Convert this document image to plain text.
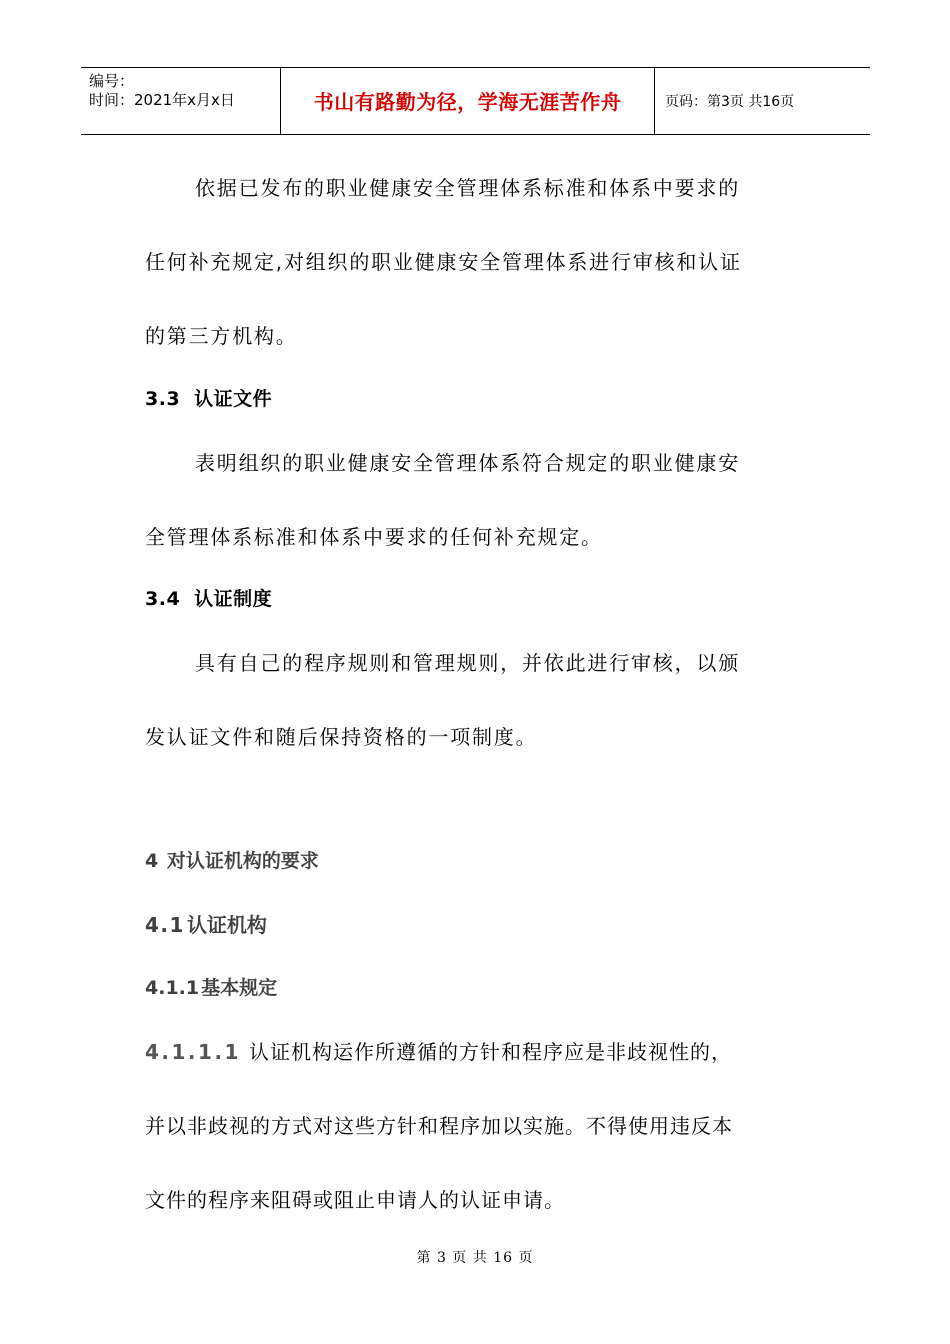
编号：
时间：2021年x月x日	书山有路勤为径，学海无涯苦作舟	页码：第3页 共16页
依据已发布的职业健康安全管理体系标准和体系中要求的
任何补充规定,对组织的职业健康安全管理体系进行审核和认证
的第三方机构。
3.3 认证文件
表明组织的职业健康安全管理体系符合规定的职业健康安
全管理体系标准和体系中要求的任何补充规定。
3.4 认证制度
具有自己的程序规则和管理规则，并依此进行审核，以颁
发认证文件和随后保持资格的一项制度。
4 对认证机构的要求
4.1 认证机构
4.1.1 基本规定
4.1.1.1 认证机构运作所遵循的方针和程序应是非歧视性的，
并以非歧视的方式对这些方针和程序加以实施。不得使用违反本
文件的程序来阻碍或阻止申请人的认证申请。
第 3 页 共 16 页
